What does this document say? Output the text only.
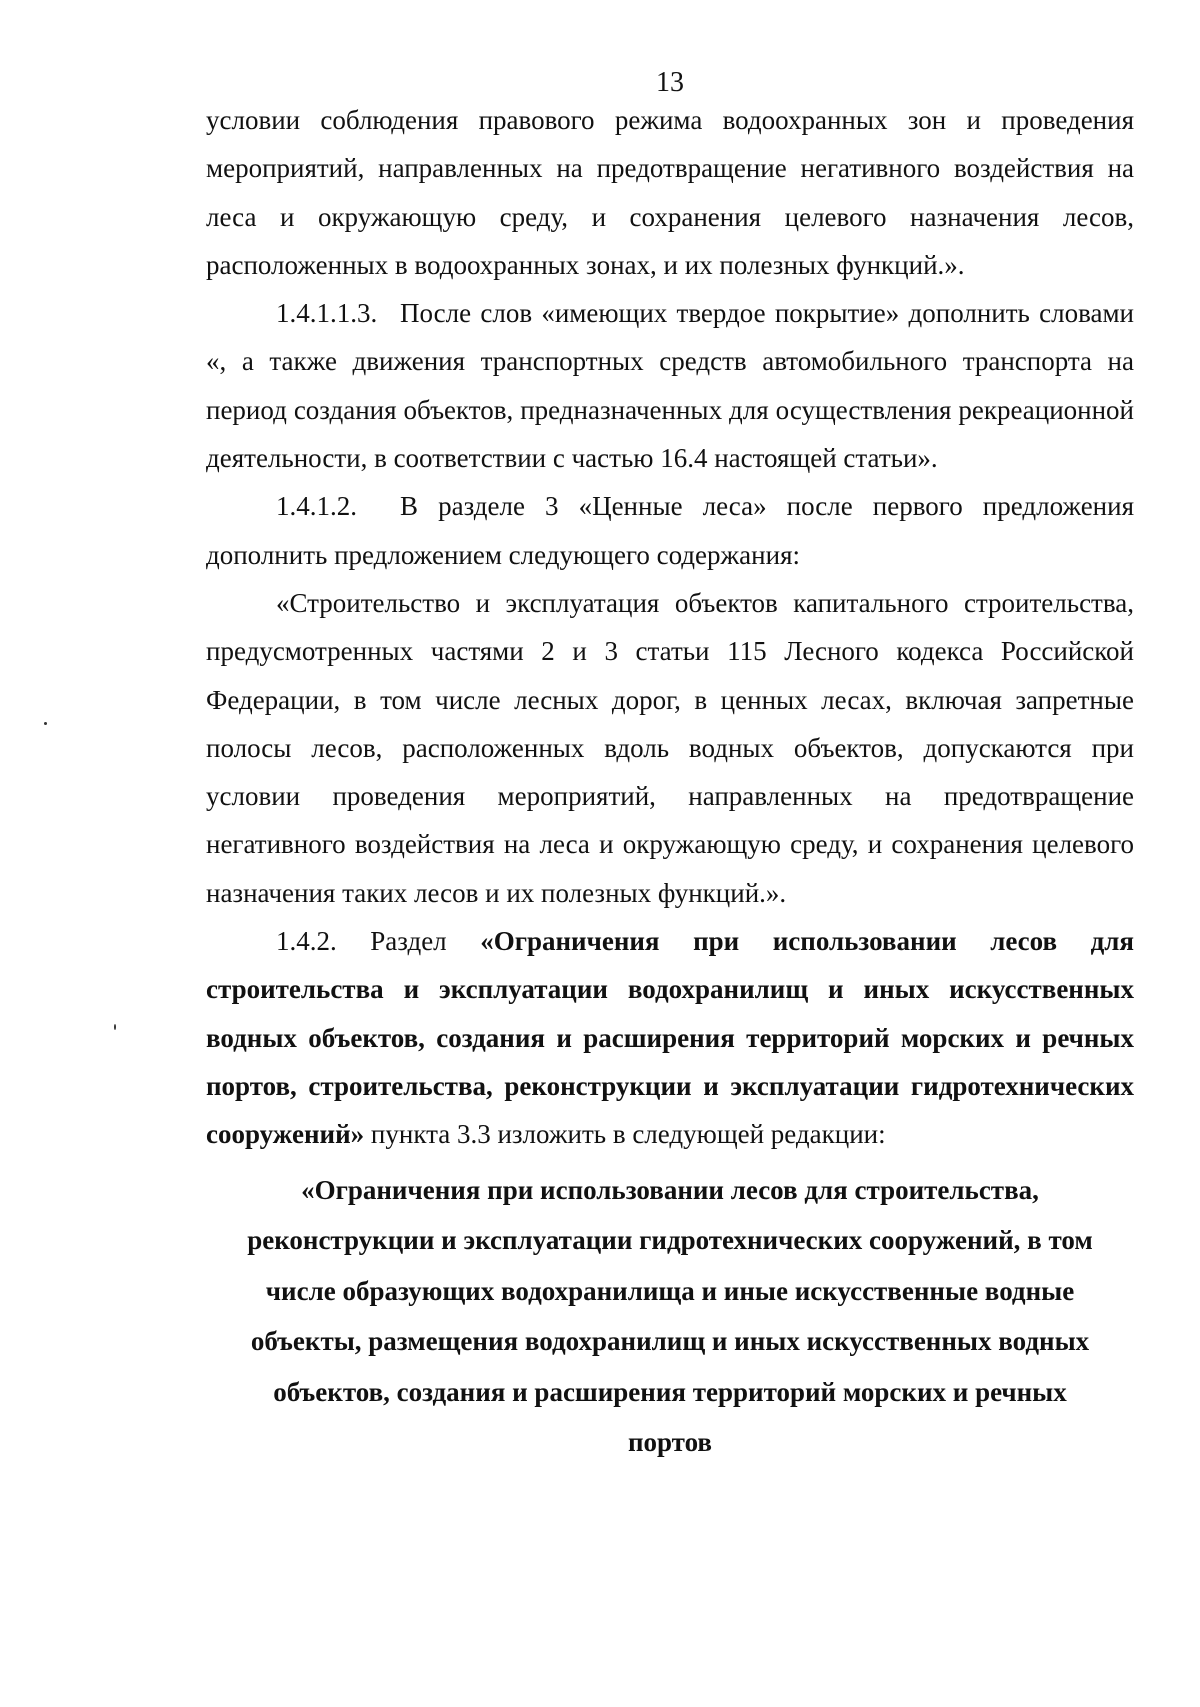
13

условии соблюдения правового режима водоохранных зон и проведения мероприятий, направленных на предотвращение негативного воздействия на леса и окружающую среду, и сохранения целевого назначения лесов, расположенных в водоохранных зонах, и их полезных функций.».

1.4.1.1.3. После слов «имеющих твердое покрытие» дополнить словами «, а также движения транспортных средств автомобильного транспорта на период создания объектов, предназначенных для осуществления рекреационной деятельности, в соответствии с частью 16.4 настоящей статьи».

1.4.1.2. В разделе 3 «Ценные леса» после первого предложения дополнить предложением следующего содержания:

«Строительство и эксплуатация объектов капитального строительства, предусмотренных частями 2 и 3 статьи 115 Лесного кодекса Российской Федерации, в том числе лесных дорог, в ценных лесах, включая запретные полосы лесов, расположенных вдоль водных объектов, допускаются при условии проведения мероприятий, направленных на предотвращение негативного воздействия на леса и окружающую среду, и сохранения целевого назначения таких лесов и их полезных функций.».

1.4.2. Раздел «Ограничения при использовании лесов для строительства и эксплуатации водохранилищ и иных искусственных водных объектов, создания и расширения территорий морских и речных портов, строительства, реконструкции и эксплуатации гидротехнических сооружений» пункта 3.3 изложить в следующей редакции:

«Ограничения при использовании лесов для строительства,

реконструкции и эксплуатации гидротехнических сооружений, в том

числе образующих водохранилища и иные искусственные водные

объекты, размещения водохранилищ и иных искусственных водных

объектов, создания и расширения территорий морских и речных

портов
